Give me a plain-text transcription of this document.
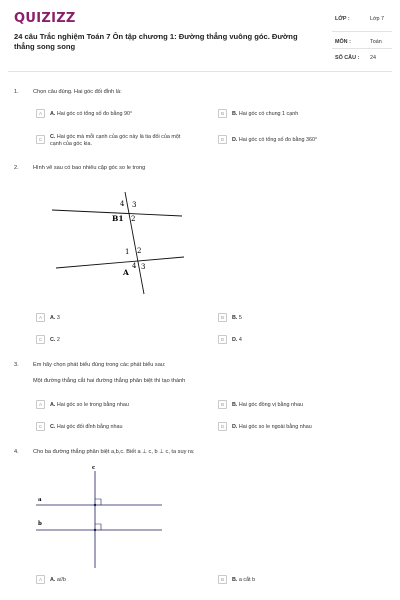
QUIZIZZ
24 câu Trắc nghiệm Toán 7 Ôn tập chương 1: Đường thẳng vuông góc. Đường thẳng song song
LỚP :	Lớp 7
MÔN :	Toán
SỐ CÂU : 24
1.	Chọn câu đúng. Hai góc đối đỉnh là:
A	A. Hai góc có tổng số đo bằng 90°	B	B. Hai góc có chung 1 cạnh
C	C. Hai góc mà mỗi cạnh của góc này là tia đối của một cạnh của góc kia.
D	D. Hai góc có tổng số đo bằng 360°
2.	Hình vẽ sau có bao nhiêu cặp góc so le trong
4 3
B1 2
1 2
4 3
A
A	A. 3	B	B. 5
C	C. 2	D	D. 4
3.	Em hãy chọn phát biểu đúng trong các phát biểu sau:
Một đường thẳng cắt hai đường thẳng phân biệt thì tạo thành
A	A. Hai góc so le trong bằng nhau	B	B. Hai góc đồng vị bằng nhau
C	C. Hai góc đối đỉnh bằng nhau	D	D. Hai góc so le ngoài bằng nhau
4.	Cho ba đường thẳng phân biệt a,b,c. Biết a ⊥ c, b ⊥ c, ta suy ra:
c
a
b
A	A. a//b	B	B. a cắt b
